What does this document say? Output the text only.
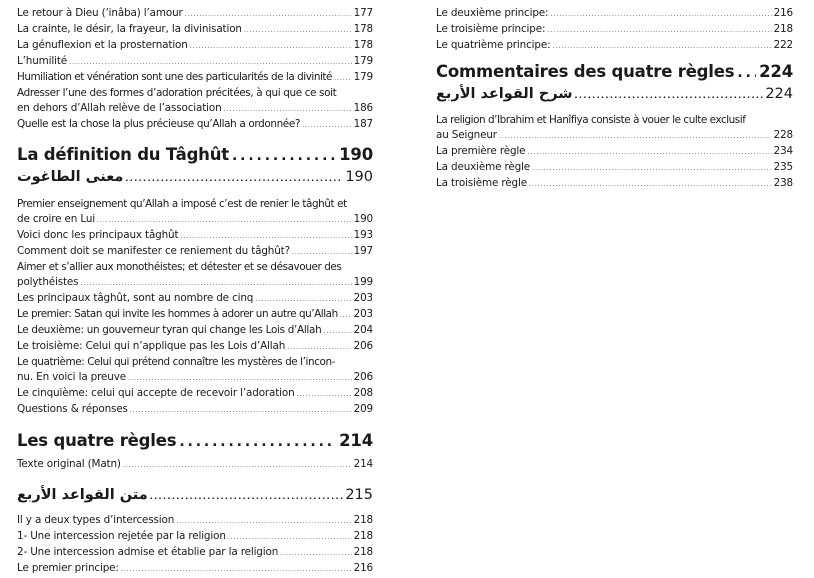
Le retour à Dieu (’inâba) l’amour . . .	177
La crainte, le désir, la frayeur, la divinisation . . .	178
La génuflexion et la prosternation . . .	178
L’humilité . . .	179
Humiliation et vénération sont une des particularités de la divinité . . . 179
Adresser l’une des formes d’adoration précitées, à qui que ce soit
en dehors d’Allah relève de l’association . . .	186
Quelle est la chose la plus précieuse qu’Allah a ordonnée? . . .	187
La définition du Tâghût . . .	190
معنى الطاغوت . . .	190
Premier enseignement qu’Allah a imposé c’est de renier le tâghût et
de croire en Lui . . .	190
Voici donc les principaux tâghût . . .	193
Comment doit se manifester ce reniement du tâghût? . . .	197
Aimer et s’allier aux monothéistes; et détester et se désavouer des
polythéistes . . .	199
Les principaux tâghût, sont au nombre de cinq . . .	203
Le premier: Satan qui invite les hommes à adorer un autre qu’Allah . . . 203
Le deuxième: un gouverneur tyran qui change les Lois d’Allah . . .	204
Le troisième: Celui qui n’applique pas les Lois d’Allah . . .	206
Le quatrième: Celui qui prétend connaître les mystères de l’incon-
nu. En voici la preuve . . .	206
Le cinquième: celui qui accepte de recevoir l’adoration . . .	208
Questions & réponses . . .	209
Les quatre règles . . .	214
Texte original (Matn) . . .	214
متن القواعد الأربع . . .	215
Il y a deux types d’intercession . . .	218
1- Une intercession rejetée par la religion . . .	218
2- Une intercession admise et établie par la religion . . .	218
Le premier principe: . . .	216
Le deuxième principe: . . .	216
Le troisième principe: . . .	218
Le quatrième principe: . . .	222
Commentaires des quatre règles . . . 224
شرح القواعد الأربع . . .	224
La religion d’Ibrahim et Hanîfiya consiste à vouer le culte exclusif
au Seigneur . . .	228
La première règle . . .	234
La deuxième règle . . .	235
La troisième règle . . .	238
